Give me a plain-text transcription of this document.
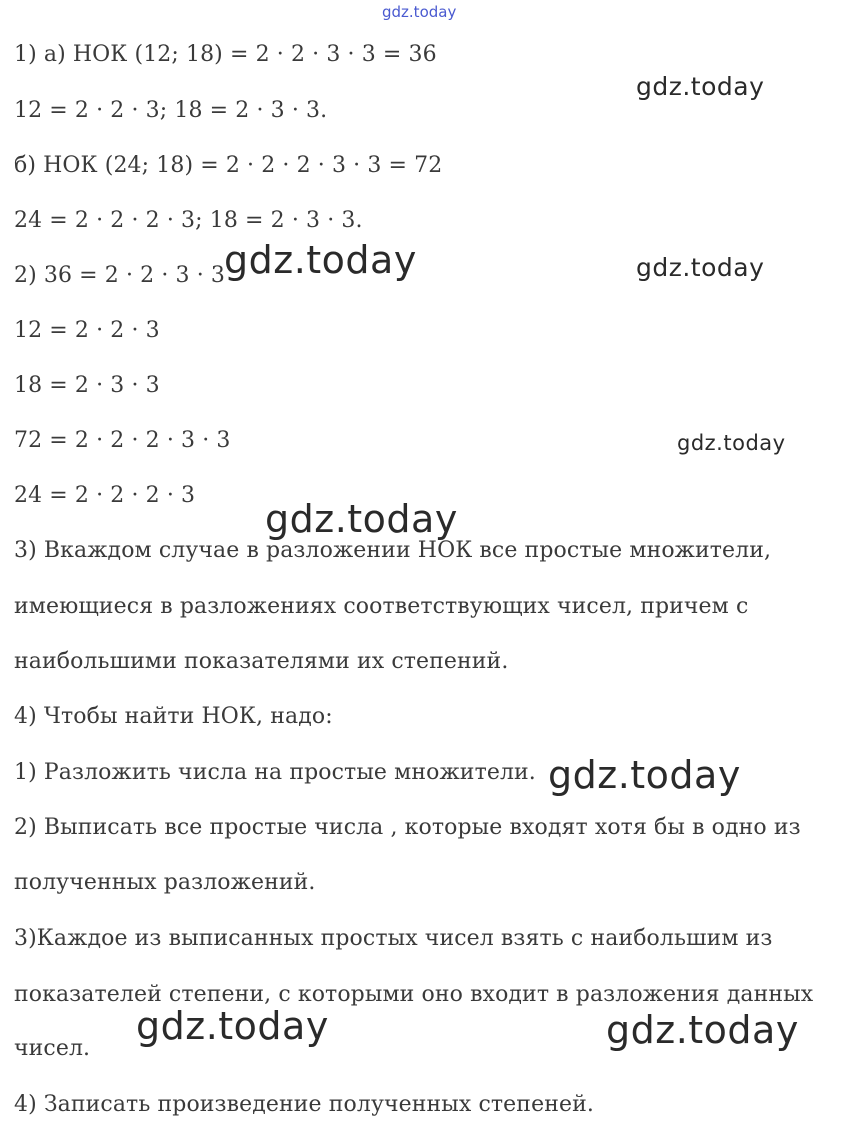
1) а) НОК (12; 18) = 2 · 2 · 3 · 3 = 36

12 = 2 · 2 · 3; 18 = 2 · 3 · 3.

б) НОК (24; 18) = 2 · 2 · 2 · 3 · 3 = 72

24 = 2 · 2 · 2 · 3; 18 = 2 · 3 · 3.

2) 36 = 2 · 2 · 3 · 3

12 = 2 · 2 · 3

18 = 2 · 3 · 3

72 = 2 · 2 · 2 · 3 · 3

24 = 2 · 2 · 2 · 3

3) Вкаждом случае в разложении НОК все простые множители,

имеющиеся в разложениях соответствующих чисел, причем с

наибольшими показателями их степений.

4) Чтобы найти НОК, надо:

1) Разложить числа на простые множители.

2) Выписать все простые числа , которые входят хотя бы в одно из

полученных разложений.

3)Каждое из выписанных простых чисел взять с наибольшим из

показателей степени, с которыми оно входит в разложения данных

чисел.

4) Записать произведение полученных степеней.

gdz.today
gdz.today
gdz.today
gdz.today
gdz.today
gdz.today
gdz.today
gdz.today	gdz.today
